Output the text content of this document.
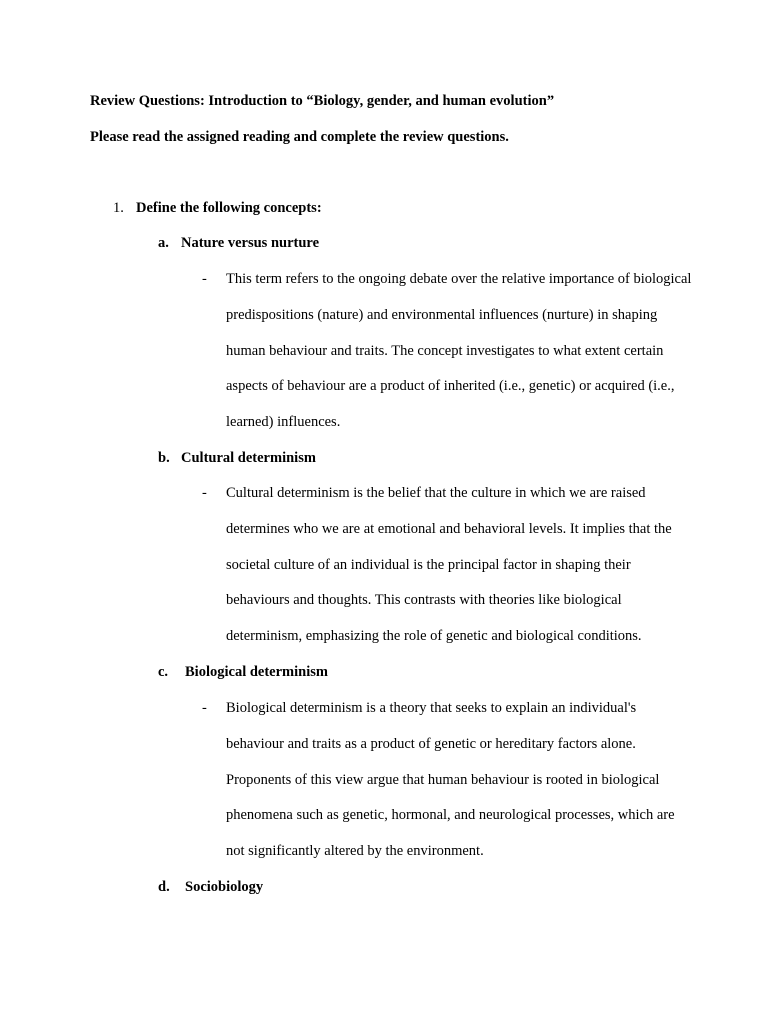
Review Questions: Introduction to “Biology, gender, and human evolution”
Please read the assigned reading and complete the review questions.
1. Define the following concepts:
a. Nature versus nurture
- This term refers to the ongoing debate over the relative importance of biological predispositions (nature) and environmental influences (nurture) in shaping human behaviour and traits. The concept investigates to what extent certain aspects of behaviour are a product of inherited (i.e., genetic) or acquired (i.e., learned) influences.

b. Cultural determinism
- Cultural determinism is the belief that the culture in which we are raised determines who we are at emotional and behavioral levels. It implies that the societal culture of an individual is the principal factor in shaping their behaviours and thoughts. This contrasts with theories like biological determinism, emphasizing the role of genetic and biological conditions.

c. Biological determinism
- Biological determinism is a theory that seeks to explain an individual's behaviour and traits as a product of genetic or hereditary factors alone. Proponents of this view argue that human behaviour is rooted in biological phenomena such as genetic, hormonal, and neurological processes, which are not significantly altered by the environment.

d. Sociobiology
